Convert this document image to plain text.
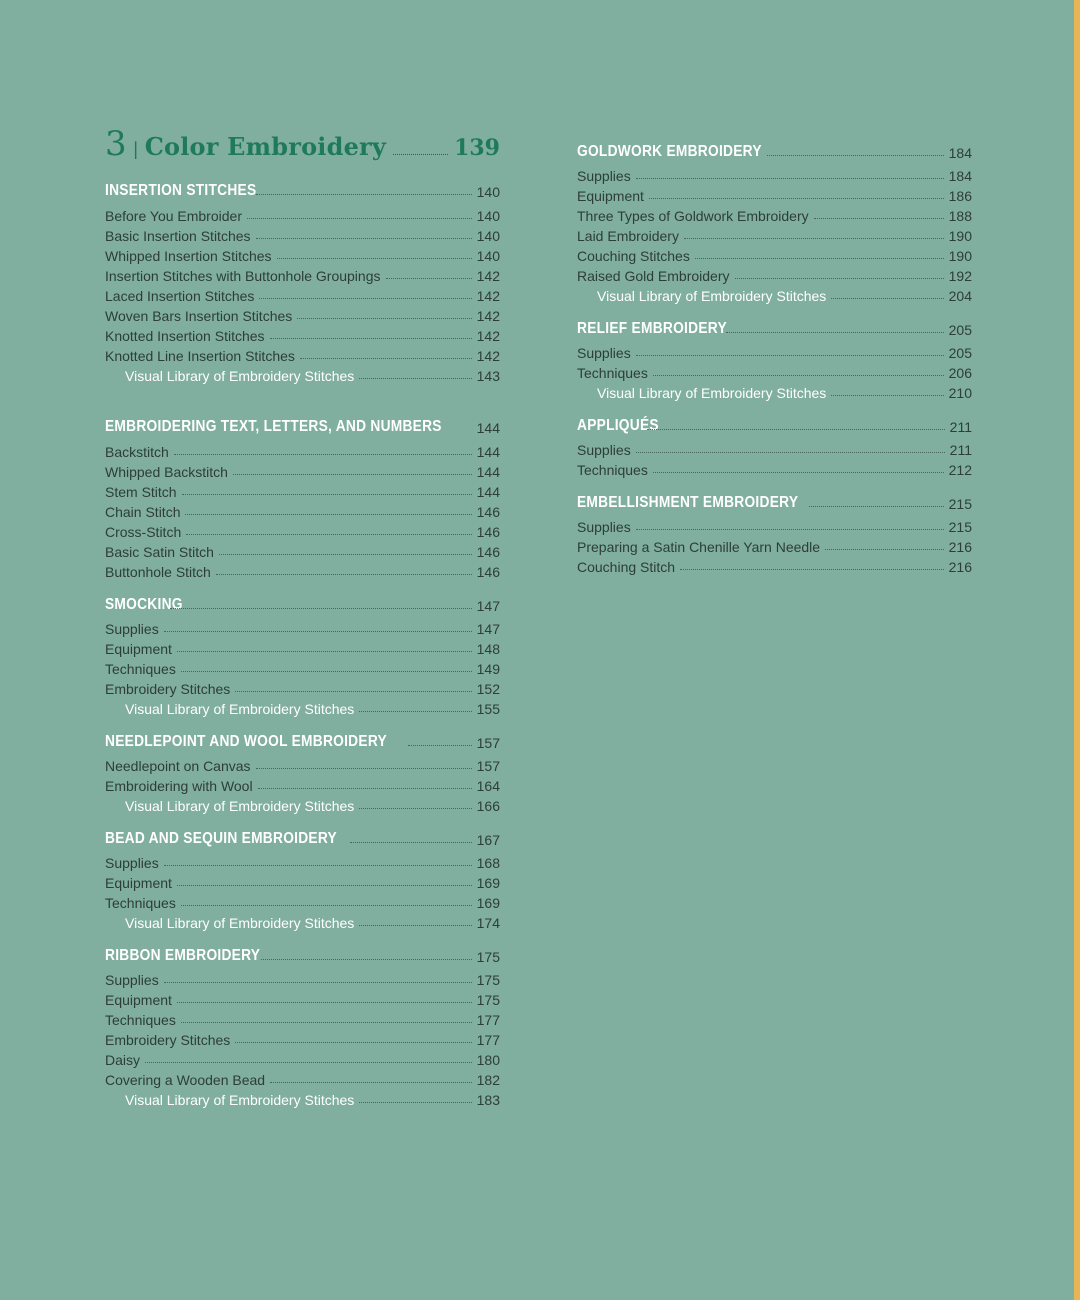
3 | Color Embroidery	139
INSERTION STITCHES	140
Before You Embroider	140
Basic Insertion Stitches	140
Whipped Insertion Stitches	140
Insertion Stitches with Buttonhole Groupings	142
Laced Insertion Stitches	142
Woven Bars Insertion Stitches	142
Knotted Insertion Stitches	142
Knotted Line Insertion Stitches	142
Visual Library of Embroidery Stitches	143
EMBROIDERING TEXT, LETTERS, AND NUMBERS 144
Backstitch	144
Whipped Backstitch	144
Stem Stitch	144
Chain Stitch	146
Cross-Stitch	146
Basic Satin Stitch	146
Buttonhole Stitch	146
SMOCKING	147
Supplies	147
Equipment	148
Techniques	149
Embroidery Stitches	152
Visual Library of Embroidery Stitches	155
NEEDLEPOINT AND WOOL EMBROIDERY	157
Needlepoint on Canvas	157
Embroidering with Wool	164
Visual Library of Embroidery Stitches	166
BEAD AND SEQUIN EMBROIDERY	167
Supplies	168
Equipment	169
Techniques	169
Visual Library of Embroidery Stitches	174
RIBBON EMBROIDERY	175
Supplies	175
Equipment	175
Techniques	177
Embroidery Stitches	177
Daisy	180
Covering a Wooden Bead	182
Visual Library of Embroidery Stitches	183
GOLDWORK EMBROIDERY	184
Supplies	184
Equipment	186
Three Types of Goldwork Embroidery	188
Laid Embroidery	190
Couching Stitches	190
Raised Gold Embroidery	192
Visual Library of Embroidery Stitches	204
RELIEF EMBROIDERY	205
Supplies	205
Techniques	206
Visual Library of Embroidery Stitches	210
APPLIQUÉS	211
Supplies	211
Techniques	212
EMBELLISHMENT EMBROIDERY	215
Supplies	215
Preparing a Satin Chenille Yarn Needle	216
Couching Stitch	216
